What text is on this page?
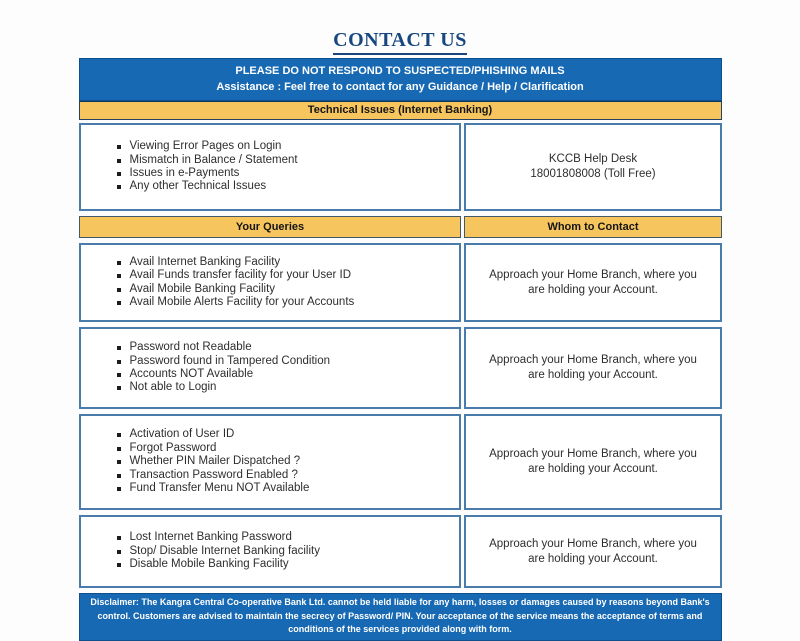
CONTACT US
PLEASE DO NOT RESPOND TO SUSPECTED/PHISHING MAILS
Assistance : Feel free to contact for any Guidance / Help / Clarification
Technical Issues (Internet Banking)
Viewing Error Pages on Login
Mismatch in Balance / Statement
Issues in e-Payments
Any other Technical Issues
KCCB Help Desk
18001808008 (Toll Free)
Your Queries	Whom to Contact
Avail Internet Banking Facility
Avail Funds transfer facility for your User ID
Avail Mobile Banking Facility
Avail Mobile Alerts Facility for your Accounts
Approach your Home Branch, where you are holding your Account.
Password not Readable
Password found in Tampered Condition
Accounts NOT Available
Not able to Login
Approach your Home Branch, where you are holding your Account.
Activation of User ID
Forgot Password
Whether PIN Mailer Dispatched ?
Transaction Password Enabled ?
Fund Transfer Menu NOT Available
Approach your Home Branch, where you are holding your Account.
Lost Internet Banking Password
Stop/ Disable Internet Banking facility
Disable Mobile Banking Facility
Approach your Home Branch, where you are holding your Account.
Disclaimer: The Kangra Central Co-operative Bank Ltd. cannot be held liable for any harm, losses or damages caused by reasons beyond Bank's control. Customers are advised to maintain the secrecy of Password/ PIN. Your acceptance of the service means the acceptance of terms and conditions of the services provided along with form.
